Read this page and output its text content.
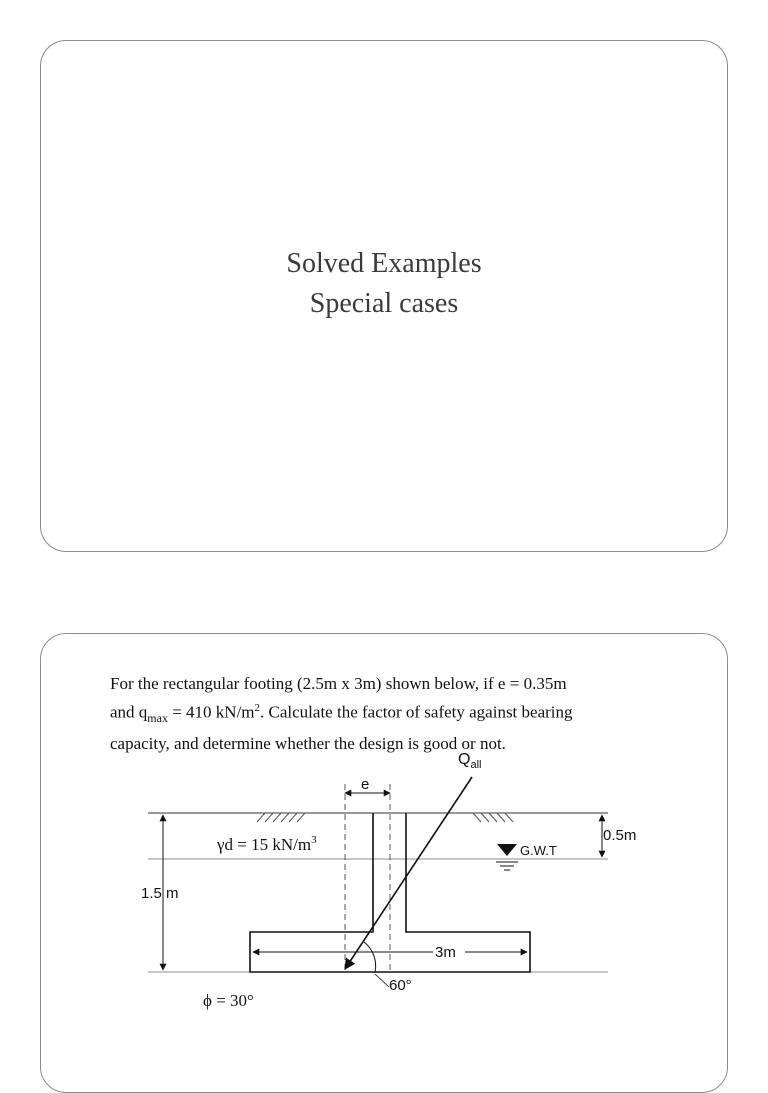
Solved Examples
Special cases
For the rectangular footing (2.5m x 3m) shown below, if e = 0.35m
and $q_{max} = 410$ $kN/m^2$. Calculate the factor of safety against bearing
capacity, and determine whether the design is good or not.
e
$Q_{all}$
60°
3m
1.5 m
0.5m
G.W.T
γd = 15 $kN/m^3$
ϕ = 30°
